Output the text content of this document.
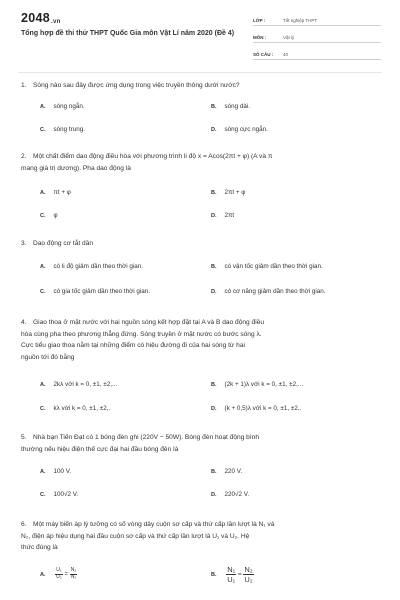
2048.vn
Tổng hợp đề thi thử THPT Quốc Gia môn Vật Lí năm 2020 (Đề 4)
LỚP :	Tốt nghiệp THPT
MÔN :	Vật lý
SỐ CÂU :	40
1. Sóng nào sau đây được ứng dụng trong việc truyền thông dưới nước?
A. sóng ngắn.	B. sóng dài.
C. sóng trung.	D. sóng cực ngắn.
2. Một chất điểm dao động điều hòa với phương trình li độ x = Acos(2πt + φ) (A và π
mang giá trị dương). Pha dao động là
A. πt + φ	B. 2πt + φ
C. φ	D. 2πt
3. Dao động cơ tắt dần
A. có li độ giảm dần theo thời gian.	B. có vận tốc giảm dần theo thời gian.
C. có gia tốc giảm dần theo thời gian.	D. có cơ năng giảm dần theo thời gian.
4. Giao thoa ở mặt nước với hai nguồn sóng kết hợp đặt tại A và B dao động điều
hòa cùng pha theo phương thẳng đứng. Sóng truyền ở mặt nước có bước sóng λ.
Cực tiểu giao thoa nằm tại những điểm có hiệu đường đi của hai sóng từ hai
nguồn tới đó bằng
A. 2kλ với k = 0, ±1, ±2,...	B. (2k + 1)λ với k = 0, ±1, ±2,...
C. kλ với k = 0, ±1, ±2,.	D. (k + 0,5)λ với k = 0, ±1, ±2,.
5. Nhà bạn Tiến Đạt có 1 bóng đèn ghi (220V − 50W). Bóng đèn hoạt động bình
thường nếu hiệu điện thế cực đại hai đầu bóng đèn là
A. 100 V.	B. 220 V.
C. 100√2 V.	D. 220√2 V.
6. Một máy biến áp lý tưởng có số vòng dây cuộn sơ cấp và thứ cấp lần lượt là N₁ và
N₂, điện áp hiệu dụng hai đầu cuộn sơ cấp và thứ cấp lần lượt là U₁ và U₂. Hệ
thức đúng là
A. $\frac{\text{U₁}}{\text{U₂}} = \frac{\text{N₂}}{\text{N₁}}$	B. $\frac{\text{N₁}}{\text{U₁}} = \frac{\text{N₂}}{\text{U₂}}$
